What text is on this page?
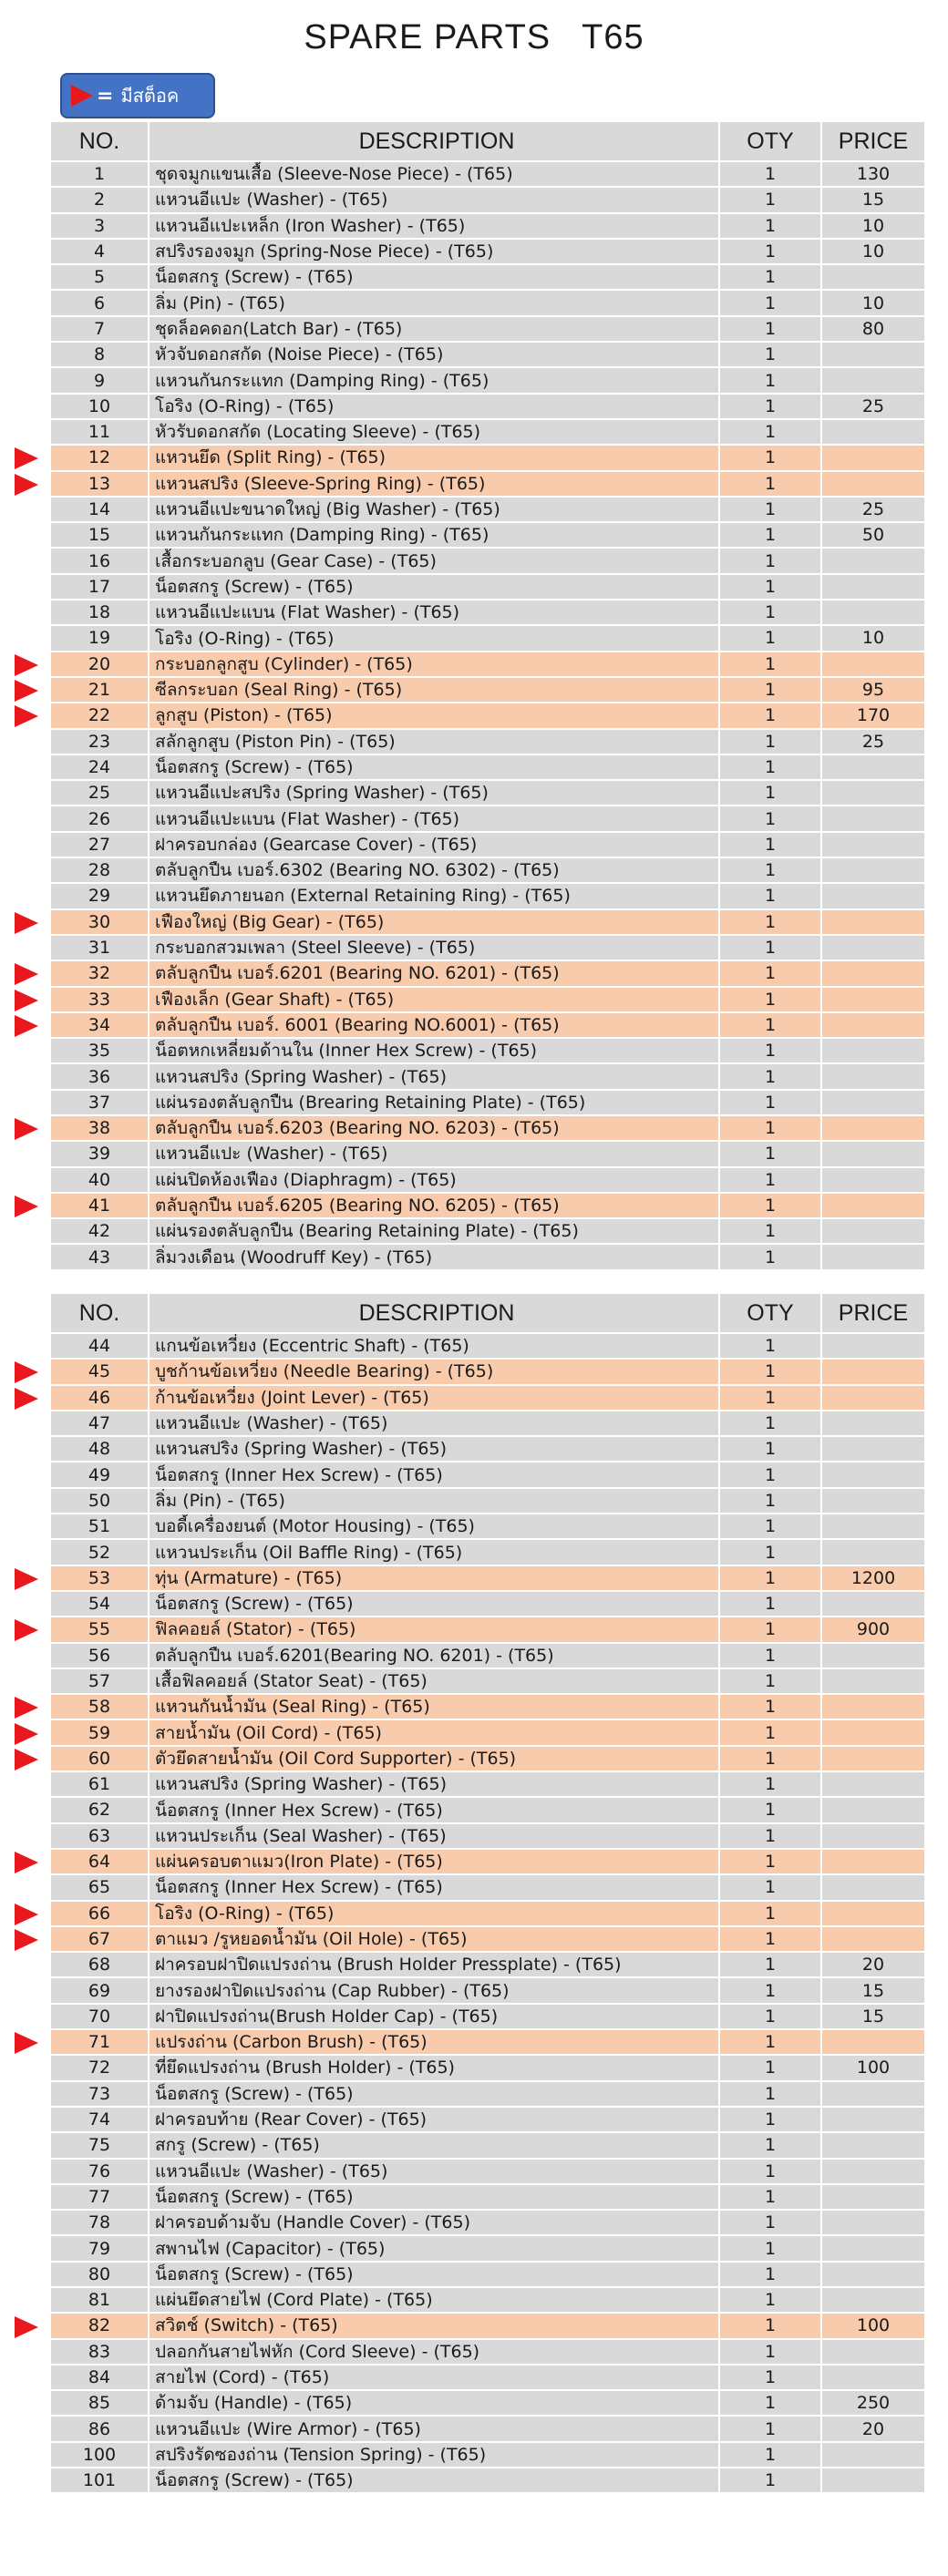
SPARE PARTS   T65
= มีสต็อค
NO.	DESCRIPTION	OTY	PRICE
1	ชุดจมูกแขนเสื้อ (Sleeve-Nose Piece) - (T65)	1	130
2	แหวนอีแปะ (Washer) - (T65)	1	15
3	แหวนอีแปะเหล็ก (Iron Washer) - (T65)	1	10
4	สปริงรองจมูก (Spring-Nose Piece) - (T65)	1	10
5	น็อตสกรู (Screw) - (T65)	1
6	ลิ่ม (Pin) - (T65)	1	10
7	ชุดล็อคดอก(Latch Bar) - (T65)	1	80
8	หัวจับดอกสกัด (Noise Piece) - (T65)	1
9	แหวนกันกระแทก (Damping Ring) - (T65)	1
10	โอริง (O-Ring) - (T65)	1	25
11	หัวรับดอกสกัด (Locating Sleeve) - (T65)	1
12	แหวนยึด (Split Ring) - (T65)	1
13	แหวนสปริง (Sleeve-Spring Ring) - (T65)	1
14	แหวนอีแปะขนาดใหญ่ (Big Washer) - (T65)	1	25
15	แหวนกันกระแทก (Damping Ring) - (T65)	1	50
16	เสื้อกระบอกลูบ (Gear Case) - (T65)	1
17	น็อตสกรู (Screw) - (T65)	1
18	แหวนอีแปะแบน (Flat Washer) - (T65)	1
19	โอริง (O-Ring) - (T65)	1	10
20	กระบอกลูกสูบ (Cylinder) - (T65)	1
21	ซีลกระบอก (Seal Ring) - (T65)	1	95
22	ลูกสูบ (Piston) - (T65)	1	170
23	สลักลูกสูบ (Piston Pin) - (T65)	1	25
24	น็อตสกรู (Screw) - (T65)	1
25	แหวนอีแปะสปริง (Spring Washer) - (T65)	1
26	แหวนอีแปะแบน (Flat Washer) - (T65)	1
27	ฝาครอบกล่อง (Gearcase Cover) - (T65)	1
28	ตลับลูกปืน เบอร์.6302 (Bearing NO. 6302) - (T65)	1
29	แหวนยึดภายนอก (External Retaining Ring) - (T65)	1
30	เฟืองใหญ่ (Big Gear) - (T65)	1
31	กระบอกสวมเพลา (Steel Sleeve) - (T65)	1
32	ตลับลูกปืน เบอร์.6201 (Bearing NO. 6201) - (T65)	1
33	เฟืองเล็ก (Gear Shaft) - (T65)	1
34	ตลับลูกปืน เบอร์. 6001 (Bearing NO.6001) - (T65)	1
35	น็อตหกเหลี่ยมด้านใน (Inner Hex Screw) - (T65)	1
36	แหวนสปริง (Spring Washer) - (T65)	1
37	แผ่นรองตลับลูกปืน (Brearing Retaining Plate) - (T65)	1
38	ตลับลูกปืน เบอร์.6203 (Bearing NO. 6203) - (T65)	1
39	แหวนอีแปะ (Washer) - (T65)	1
40	แผ่นปิดห้องเฟือง (Diaphragm) - (T65)	1
41	ตลับลูกปืน เบอร์.6205 (Bearing NO. 6205) - (T65)	1
42	แผ่นรองตลับลูกปืน (Bearing Retaining Plate) - (T65)	1
43	ลิ่มวงเดือน (Woodruff Key) - (T65)	1
NO.	DESCRIPTION	OTY	PRICE
44	แกนข้อเหวี่ยง (Eccentric Shaft) - (T65)	1
45	บูชก้านข้อเหวี่ยง (Needle Bearing) - (T65)	1
46	ก้านข้อเหวี่ยง (Joint Lever) - (T65)	1
47	แหวนอีแปะ (Washer) - (T65)	1
48	แหวนสปริง (Spring Washer) - (T65)	1
49	น็อตสกรู (Inner Hex Screw) - (T65)	1
50	ลิ่ม (Pin) - (T65)	1
51	บอดี้เครื่องยนต์ (Motor Housing) - (T65)	1
52	แหวนประเก็น (Oil Baffle Ring) - (T65)	1
53	ทุ่น (Armature) - (T65)	1	1200
54	น็อตสกรู (Screw) - (T65)	1
55	ฟิลคอยล์ (Stator) - (T65)	1	900
56	ตลับลูกปืน เบอร์.6201(Bearing NO. 6201) - (T65)	1
57	เสื้อฟิลคอยล์ (Stator Seat) - (T65)	1
58	แหวนกันน้ำมัน (Seal Ring) - (T65)	1
59	สายน้ำมัน (Oil Cord) - (T65)	1
60	ตัวยึดสายน้ำมัน (Oil Cord Supporter) - (T65)	1
61	แหวนสปริง (Spring Washer) - (T65)	1
62	น็อตสกรู (Inner Hex Screw) - (T65)	1
63	แหวนประเก็น (Seal Washer) - (T65)	1
64	แผ่นครอบตาแมว(Iron Plate) - (T65)	1
65	น็อตสกรู (Inner Hex Screw) - (T65)	1
66	โอริง (O-Ring) - (T65)	1
67	ตาแมว /รูหยอดน้ำมัน (Oil Hole) - (T65)	1
68	ฝาครอบฝาปิดแปรงถ่าน (Brush Holder Pressplate) - (T65)	1	20
69	ยางรองฝาปิดแปรงถ่าน (Cap Rubber) - (T65)	1	15
70	ฝาปิดแปรงถ่าน(Brush Holder Cap) - (T65)	1	15
71	แปรงถ่าน (Carbon Brush) - (T65)	1
72	ที่ยึดแปรงถ่าน (Brush Holder) - (T65)	1	100
73	น็อตสกรู (Screw) - (T65)	1
74	ฝาครอบท้าย (Rear Cover) - (T65)	1
75	สกรู (Screw) - (T65)	1
76	แหวนอีแปะ (Washer) - (T65)	1
77	น็อตสกรู (Screw) - (T65)	1
78	ฝาครอบด้ามจับ (Handle Cover) - (T65)	1
79	สพานไฟ (Capacitor) - (T65)	1
80	น็อตสกรู (Screw) - (T65)	1
81	แผ่นยึดสายไฟ (Cord Plate) - (T65)	1
82	สวิตช์ (Switch) - (T65)	1	100
83	ปลอกกันสายไฟหัก (Cord Sleeve) - (T65)	1
84	สายไฟ (Cord) - (T65)	1
85	ด้ามจับ (Handle) - (T65)	1	250
86	แหวนอีแปะ (Wire Armor) - (T65)	1	20
100	สปริงรัดซองถ่าน (Tension Spring) - (T65)	1
101	น็อตสกรู (Screw) - (T65)	1
